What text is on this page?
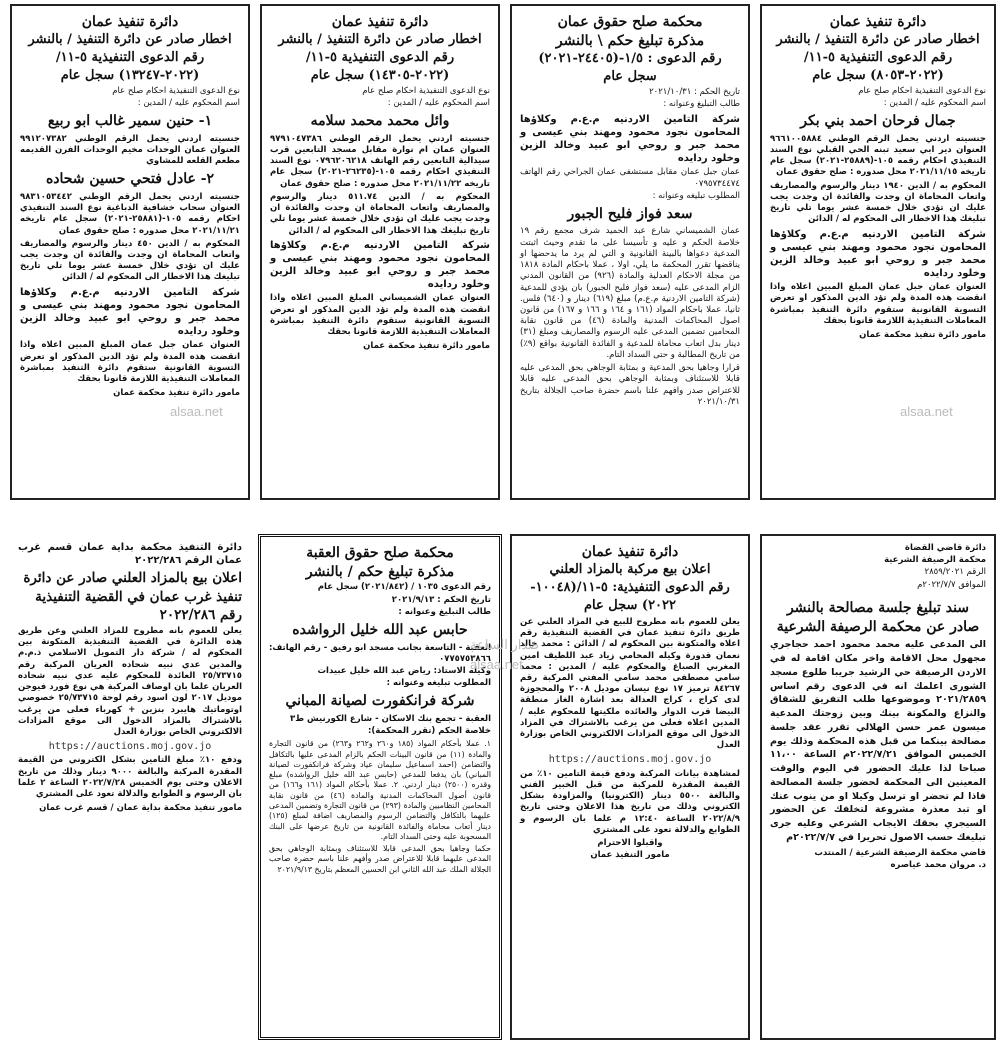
دائرة تنفيذ عمان
اخطار صادر عن دائرة التنفيذ / بالنشر
رقم الدعوى التنفيذية ٥-١١/
(٢٠٢٢-٨٠٥٣) سجل عام
نوع الدعوى التنفيذية احكام صلح عام
اسم المحكوم عليه / المدين :
جمال فرحان احمد بني بكر
جنسيته اردني يحمل الرقم الوطني ٩٦٦١٠٠٥٨٨٤ العنوان دير ابي سعيد تبنه الحي القبلي نوع السند التنفيذي احكام رقمه ١٠٥-(٢٥٨٨٩-٢٠٢١) سجل عام تاريخه ٢٠٢١/١١/١٥ محل صدوره : صلح حقوق عمان
المحكوم به / الدين ١٩٤٠ دينار والرسوم والمصاريف واتعاب المحاماة ان وجدت والفائدة ان وجدت يجب عليك ان تؤدي خلال خمسة عشر يوما تلي تاريخ تبليغك هذا الاخطار الى المحكوم له / الدائن
شركة التامين الاردنيه م.ع.م وكلاؤها المحامون نجود محمود ومهند بني عيسى و محمد جبر و روحي ابو عبيد وخالد الزين وخلود ردايده
العنوان عمان جبل عمان المبلغ المبين اعلاه واذا انقضت هذه المدة ولم تؤد الدين المذكور او تعرض التسوية القانونية ستقوم دائرة التنفيذ بمباشرة المعاملات التنفيذية اللازمة قانونا بحقك
مامور دائرة تنفيذ محكمة عمان
محكمة صلح حقوق عمان
مذكرة تبليغ حكم \ بالنشر
رقم الدعوى : ١/٥-(٢٤٤٠٥-٢٠٢١)
سجل عام
تاريخ الحكم : ٢٠٢١/١٠/٣١
طالب التبليغ وعنوانه :
شركة التامين الاردنيه م.ع.م وكلاؤها المحامون نجود محمود ومهند بني عيسى و محمد جبر و روحي ابو عبيد وخالد الزين وخلود ردايده
عمان جبل عمان مقابل مستشفى عمان الجراحي رقم الهاتف ٠٧٩٥٧٣٤٤٧٤
المطلوب تبليغه وعنوانه :
سعد فواز فليح الجبور
عمان الشميساني شارع عبد الحميد شرف مجمع رقم ١٩ خلاصة الحكم و عليه و تأسيسا على ما تقدم وحيث اثبتت المدعية دعواها بالبينة القانونية و التي لم يرد ما يدحضها او يناقضها تقرر المحكمة ما يلي، اولا ، عملا باحكام المادة ١٨١٨ من مجلة الاحكام العدلية والمادة (٩٢٦) من القانون المدني الزام المدعى عليه (سعد فواز فليح الجبور) بان يؤدي للمدعية (شركة التامين الاردنية م.ع.م) مبلغ (٦١٩) دينار و (٦٤٠) فلس. ثانيا، عملا باحكام المواد (١٦١ و ١٦٤ و ١٦٦ و ١٦٧) من قانون اصول المحاكمات المدنية والمادة (٤٦) من قانون نقابة المحامين تضمين المدعى عليه الرسوم والمصاريف ومبلغ (٣١) دينار بدل اتعاب محاماة للمدعية و الفائدة القانونية بواقع (٩٪) من تاريخ المطالبة و حتى السداد التام.
قرارا وجاهيا بحق المدعية و بمثابة الوجاهي بحق المدعى عليه قابلا للاستئناف وبمثابة الوجاهي بحق المدعى عليه قابلا للاعتراض صدر وافهم علنا باسم حضرة صاحب الجلالة بتاريخ ٢٠٢١/١٠/٣١
دائرة تنفيذ عمان
اخطار صادر عن دائرة التنفيذ / بالنشر
رقم الدعوى التنفيذية ٥-١١/
(٢٠٢٢-١٤٣٠٥) سجل عام
نوع الدعوى التنفيذية احكام صلح عام
اسم المحكوم عليه / المدين :
وائل محمد محمد سلامه
جنسيته اردني يحمل الرقم الوطني ٩٧٩١٠٤٧٣٨٦ العنوان عمان ام نوارة مقابل مسجد التابعين قرب سيدالية التابعين رقم الهاتف ٠٧٩٦٢٠٦٢١٨ نوع السند التنفيذي احكام رقمه ١٠٥-(٢٦٢٣٥-٢٠٢١) سجل عام تاريخه ٢٠٢١/١١/٢٢ محل صدوره : صلح حقوق عمان
المحكوم به / الدين ٥١١.٧٤ دينار والرسوم والمصاريف واتعاب المحاماة ان وجدت والفائدة ان وجدت يجب عليك ان تؤدي خلال خمسة عشر يوما تلي تاريخ تبليغك هذا الاخطار الى المحكوم له / الدائن
شركة التامين الاردنيه م.ع.م وكلاؤها المحامون نجود محمود ومهند بني عيسى و محمد جبر و روحي ابو عبيد وخالد الزين وخلود ردايده
العنوان عمان الشميساني المبلغ المبين اعلاه واذا انقضت هذه المدة ولم تؤد الدين المذكور او تعرض التسوية القانونية ستقوم دائرة التنفيذ بمباشرة المعاملات التنفيذية اللازمة قانونا بحقك
مامور دائرة تنفيذ محكمة عمان
دائرة تنفيذ عمان
اخطار صادر عن دائرة التنفيذ / بالنشر
رقم الدعوى التنفيذية ٥-١١/
(٢٠٢٢-١٣٢٤٧) سجل عام
نوع الدعوى التنفيذية احكام صلح عام
اسم المحكوم عليه / المدين :
١- حنين سمير غالب ابو ربيع
جنسيته اردني يحمل الرقم الوطني ٩٩١٢٠٧٣٨٢ العنوان عمان الوحدات مخيم الوحدات الفرن القديمه مطعم القلعه للمشاوي
٢- عادل فتحي حسين شحاده
جنسيته اردني يحمل الرقم الوطني ٩٨٣١٠٥٣٤٤٢ العنوان سحاب خشافية الدباغية نوع السند التنفيذي احكام رقمه ١٠٥-(٢٥٨٨١-٢٠٢١) سجل عام تاريخه ٢٠٢١/١١/٢١ محل صدوره : صلح حقوق عمان
المحكوم به / الدين ٤٥٠ دينار والرسوم والمصاريف واتعاب المحاماة ان وجدت والفائدة ان وجدت يجب عليك ان تؤدي خلال خمسة عشر يوما تلي تاريخ تبليغك هذا الاخطار الى المحكوم له / الدائن
شركة التامين الاردنيه م.ع.م وكلاؤها المحامون نجود محمود ومهند بني عيسى و محمد جبر و روحي ابو عبيد وخالد الزين وخلود ردايده
العنوان عمان جبل عمان المبلغ المبين اعلاه واذا انقضت هذه المدة ولم تؤد الدين المذكور او تعرض التسوية القانونية ستقوم دائرة التنفيذ بمباشرة المعاملات التنفيذية اللازمة قانونا بحقك
مامور دائرة تنفيذ محكمة عمان
دائرة قاضي القضاة
محكمة الرصيفة الشرعية
الرقم ٢٨٥٩/٢٠٢١
الموافق ٢٠٢٢/٧/٧م
سند تبليغ جلسة مصالحة بالنشر
صادر عن محكمة الرصيفة الشرعية
الى المدعى عليه محمد محمود احمد حجاجري مجهول محل الاقامة واخر مكان اقامة له في الاردن الرصيفة حي الرشيد جريبا طلوع مسجد الشورى اعلمك انه في الدعوى رقم اساس ٢٠٢١/٢٨٥٩ وموضوعها طلب التفريق للشقاق والنزاع والمكونة بينك وبين زوجتك المدعية ميسون عمر حسن الهلالي تقرر عقد جلسة مصالحة بينكما من قبل هذه المحكمة وذلك يوم الخميس الموافق ٢٠٢٢/٧/٢١م الساعة ١١،٠٠ صباحا لذا عليك الحضور في اليوم والوقت المعينين الى المحكمة لحضور جلسة المصالحة فاذا لم تحضر او ترسل وكيلا او من ينوب عنك او تبد معذرة مشروعة لتخلفك عن الحضور السيجري بحقك الايجاب الشرعي وعليه جرى تبليغك حسب الاصول تحريرا في ٢٠٢٢/٧/٧م
قاضي محكمة الرصيفة الشرعية / المنتدب
د. مروان محمد عياصره
دائرة تنفيذ عمان
اعلان بيع مركبة بالمزاد العلني
رقم الدعوى التنفيذية: ٥-١١/(١٠٠٤٨-
٢٠٢٢) سجل عام
يعلن للعموم بانه مطروح للبيع في المزاد العلني عن طريق دائرة تنفيذ عمان في القضية التنفيذية رقم اعلاه والمتكونة بين المحكوم له / الدائن : محمد خالد نعمان قدورة وكيله المحامي زياد عبد اللطيف امين المغربي الصباغ والمحكوم عليه / المدين : محمد سامي مصطفى محمد سامي المفتي المركبة رقم ٨٤٢٦٧ ترميز ١٧ نوع نيسان موديل ٢٠٠٨ والمحجوزة لدى كراج ، كراج العدالة بعد اشارة الغاز منطقة البيضا قرب الدوار والعائده ملكيتها للمحكوم عليه / المدين اعلاه فعلى من يرغب بالاشتراك في المزاد الدخول الى موقع المزادات الالكتروني الخاص بوزارة العدل
https://auctions.moj.gov.jo
لمشاهدة بيانات المركبة ودفع قيمة التامين ١٠٪ من القيمة المقدرة للمركبة من قبل الخبير الفني والبالغة ٥٥٠٠ دينار (الكترونيا) والمزاودة بشكل الكتروني وذلك من تاريخ هذا الاعلان وحتى تاريخ ٢٠٢٢/٨/٩ الساعة ١٢:٤٠ م علما بان الرسوم و الطوابع والدلالة تعود على المشتري
واقبلوا الاحترام
مامور التنفيذ عمان
محكمة صلح حقوق العقبة
مذكرة تبليغ حكم / بالنشر
رقم الدعوى ١٠٣٥ / (٢٠٢١/٨٤٢) سجل عام
تاريخ الحكم : ٢٠٢١/٩/١٣
طالب التبليغ وعنوانه :
حابس عبد الله خليل الرواشده
العقبة - التاسعة بجانب مسجد ابو رفيق - رقم الهاتف: ٠٧٧٥٧٥٣٨٦٦
وكيله الاستاذ: رياض عبد الله خليل عبيدات
المطلوب تبليغه وعنوانه :
شركة فرانكفورت لصيانة المباني
العقبة - تجمع بنك الاسكان - شارع الكورنيش ط٣
خلاصة الحكم (تقرر المحكمة):
١. عملا بأحكام المواد (١٨٥ و٢٦٠ و٢٦٢ و٢٦٣) من قانون التجارة والمادة (١١) من قانون البينات الحكم بالزام المدعى عليها بالتكافل والتضامن (احمد اسماعيل سليمان عياد وشركة فرانكفورت لصيانة المباني) بان يدفعا للمدعي (حابس عبد الله خليل الرواشده) مبلغ وقدره (٢٥٠٠) دينار اردني. ٢. عملا بأحكام المواد (١٦١ و١٦٦) من قانون أصول المحاكمات المدنية والمادة (٤٦) من قانون نقابة المحامين النظاميين والمادة (٢٩٣) من قانون التجارة وتضمين المدعى عليهما بالتكافل والتضامن الرسوم والمصاريف اضافة لمبلغ (١٢٥) دينار أتعاب محاماة والفائدة القانونية من تاريخ عرضها على البنك المسحوبة عليه وحتى السداد التام.
حكما وجاهيا بحق المدعى قابلا للاستئناف وبمثابة الوجاهي بحق المدعى عليهما قابلا للاعتراض صدر وأفهم علنا باسم حضرة صاحب الجلالة الملك عبد الله الثاني ابن الحسين المعظم بتاريخ ٢٠٢١/٩/١٣
دائرة التنفيذ محكمة بداية عمان قسم غرب عمان الرقم ٢٠٢٢/٢٨٦
اعلان بيع بالمزاد العلني صادر عن دائرة تنفيذ غرب عمان في القضية التنفيذية رقم ٢٠٢٢/٢٨٦
يعلن للعموم بانه مطروح للمزاد العلني وعن طريق هذه الدائرة في القضية التنفيذية المتكونة بين المحكوم له / شركة دار التمويل الاسلامي ذ.م.م والمدين عدي نبيه شحاده العريان المركبة رقم ٢٥/٧٣٧١٥ العائدة للمحكوم عليه عدي نبيه شحاده العريان علما بان اوصاف المركبة هي نوع فورد فيوجن موديل ٢٠١٧ لون اسود رقم لوحة ٢٥/٧٣٧١٥ خصوصي اوتوماتيك هايبرد بنزين + كهرباء فعلى من يرغب بالاشتراك بالمزاد الدخول الى موقع المزادات الالكتروني الخاص بوزارة العدل
https://auctions.moj.gov.jo
ودفع ١٠٪ مبلغ التامين بشكل الكتروني من القيمة المقدرة المركبة والبالغة ٩٠٠٠ دينار وذلك من تاريخ الاعلان وحتى يوم الخميس ٢٠٢٢/٧/٢٨ الساعة ٢ علما بان الرسوم و الطوابع والدلالة تعود على المشتري
مامور تنفيذ محكمة بداية عمان / قسم غرب عمان
alsaa.net	alsaa.net
alsaa.net
صدار الساعة
